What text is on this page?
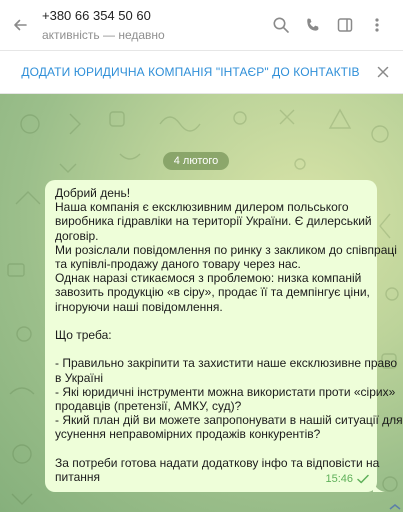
+380 66 354 50 60
активність — недавно
ДОДАТИ ЮРИДИЧНА КОМПАНІЯ "ІНТАЄР" ДО КОНТАКТІВ
4 лютого
Добрий день!
Наша компанія є ексклюзивним дилером польського
виробника гідравліки на території України. Є дилерський
договір.
Ми розіслали повідомлення по ринку з закликом до співпраці
та купівлі-продажу даного товару через нас.
Однак наразі стикаємося з проблемою: низка компаній
завозить продукцію «в сіру», продає її та демпінгує ціни,
ігноруючи наші повідомлення.
Що треба:
- Правильно закріпити та захистити наше ексклюзивне право
в Україні
- Які юридичні інструменти можна використати проти «сірих»
продавців (претензії, АМКУ, суд)?
- Який план дій ви можете запропонувати в нашій ситуації для
усунення неправомірних продажів конкурентів?
За потреби готова надати додаткову інфо та відповісти на
питання	15:46
